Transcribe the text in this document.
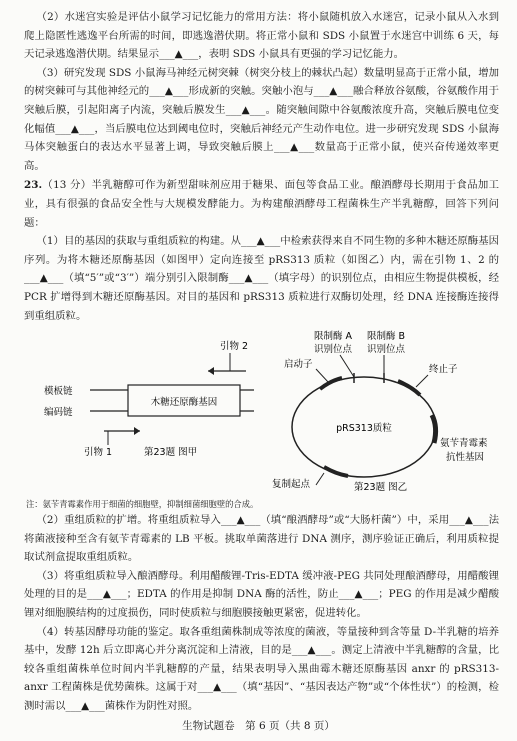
（2）水迷宫实验是评估小鼠学习记忆能力的常用方法：将小鼠随机放入水迷宫，记录小鼠从入水到爬上隐匿性逃逸平台所需的时间，即逃逸潜伏期。将正常小鼠和 SDS 小鼠置于水迷宫中训练 6 天，每天记录逃逸潜伏期。结果显示___▲___，表明 SDS 小鼠具有更强的学习记忆能力。

（3）研究发现 SDS 小鼠海马神经元树突棘（树突分枝上的棘状凸起）数量明显高于正常小鼠，增加的树突棘可与其他神经元的___▲___形成新的突触。突触小泡与___▲___融合释放谷氨酸，谷氨酸作用于突触后膜，引起阳离子内流，突触后膜发生___▲___。随突触间隙中谷氨酸浓度升高，突触后膜电位变化幅值___▲___，当后膜电位达到阈电位时，突触后神经元产生动作电位。进一步研究发现 SDS 小鼠海马体突触蛋白的表达水平显著上调，导致突触后膜上___▲___数量高于正常小鼠，使兴奋传递效率更高。

23.（13 分）半乳糖醇可作为新型甜味剂应用于糖果、面包等食品工业。酿酒酵母长期用于食品加工业，具有很强的食品安全性与大规模发酵能力。为构建酿酒酵母工程菌株生产半乳糖醇，回答下列问题：

（1）目的基因的获取与重组质粒的构建。从___▲___中检索获得来自不同生物的多种木糖还原酶基因序列。为将木糖还原酶基因（如图甲）定向连接至 pRS313 质粒（如图乙）内，需在引物 1、2 的___▲___（填“5′”或“3′”）端分别引入限制酶___▲___（填字母）的识别位点，由相应生物提供模板，经 PCR 扩增得到木糖还原酶基因。对目的基因和 pRS313 质粒进行双酶切处理，经 DNA 连接酶连接得到重组质粒。

引物 2
模板链
编码链
木糖还原酶基因
引物 1	第23题 图甲
限制酶 A
识别位点
限制酶 B
识别位点
启动子	终止子
pRS313质粒
氨苄青霉素
抗性基因
复制起点	第23题 图乙

注：氨苄青霉素作用于细菌的细胞壁，抑制细菌细胞壁的合成。

（2）重组质粒的扩增。将重组质粒导入___▲___（填“酿酒酵母”或“大肠杆菌”）中，采用___▲___法将菌液接种至含有氨苄青霉素的 LB 平板。挑取单菌落进行 DNA 测序，测序验证正确后，利用质粒提取试剂盒提取重组质粒。

（3）将重组质粒导入酿酒酵母。利用醋酸锂-Tris-EDTA 缓冲液-PEG 共同处理酿酒酵母，用醋酸锂处理的目的是___▲___；EDTA 的作用是抑制 DNA 酶的活性，防止___▲___；PEG 的作用是减少醋酸锂对细胞膜结构的过度损伤，同时使质粒与细胞膜接触更紧密，促进转化。

（4）转基因酵母功能的鉴定。取各重组菌株制成等浓度的菌液，等量接种到含等量 D-半乳糖的培养基中，发酵 12h 后立即离心并分离沉淀和上清液，目的是___▲___。测定上清液中半乳糖醇的含量，比较各重组菌株单位时间内半乳糖醇的产量，结果表明导入黑曲霉木糖还原酶基因 anxr 的 pRS313-anxr 工程菌株是优势菌株。这属于对___▲___（填“基因”、“基因表达产物”或“个体性状”）的检测，检测时需以___▲___菌株作为阴性对照。

生物试题卷　第 6 页（共 8 页）
